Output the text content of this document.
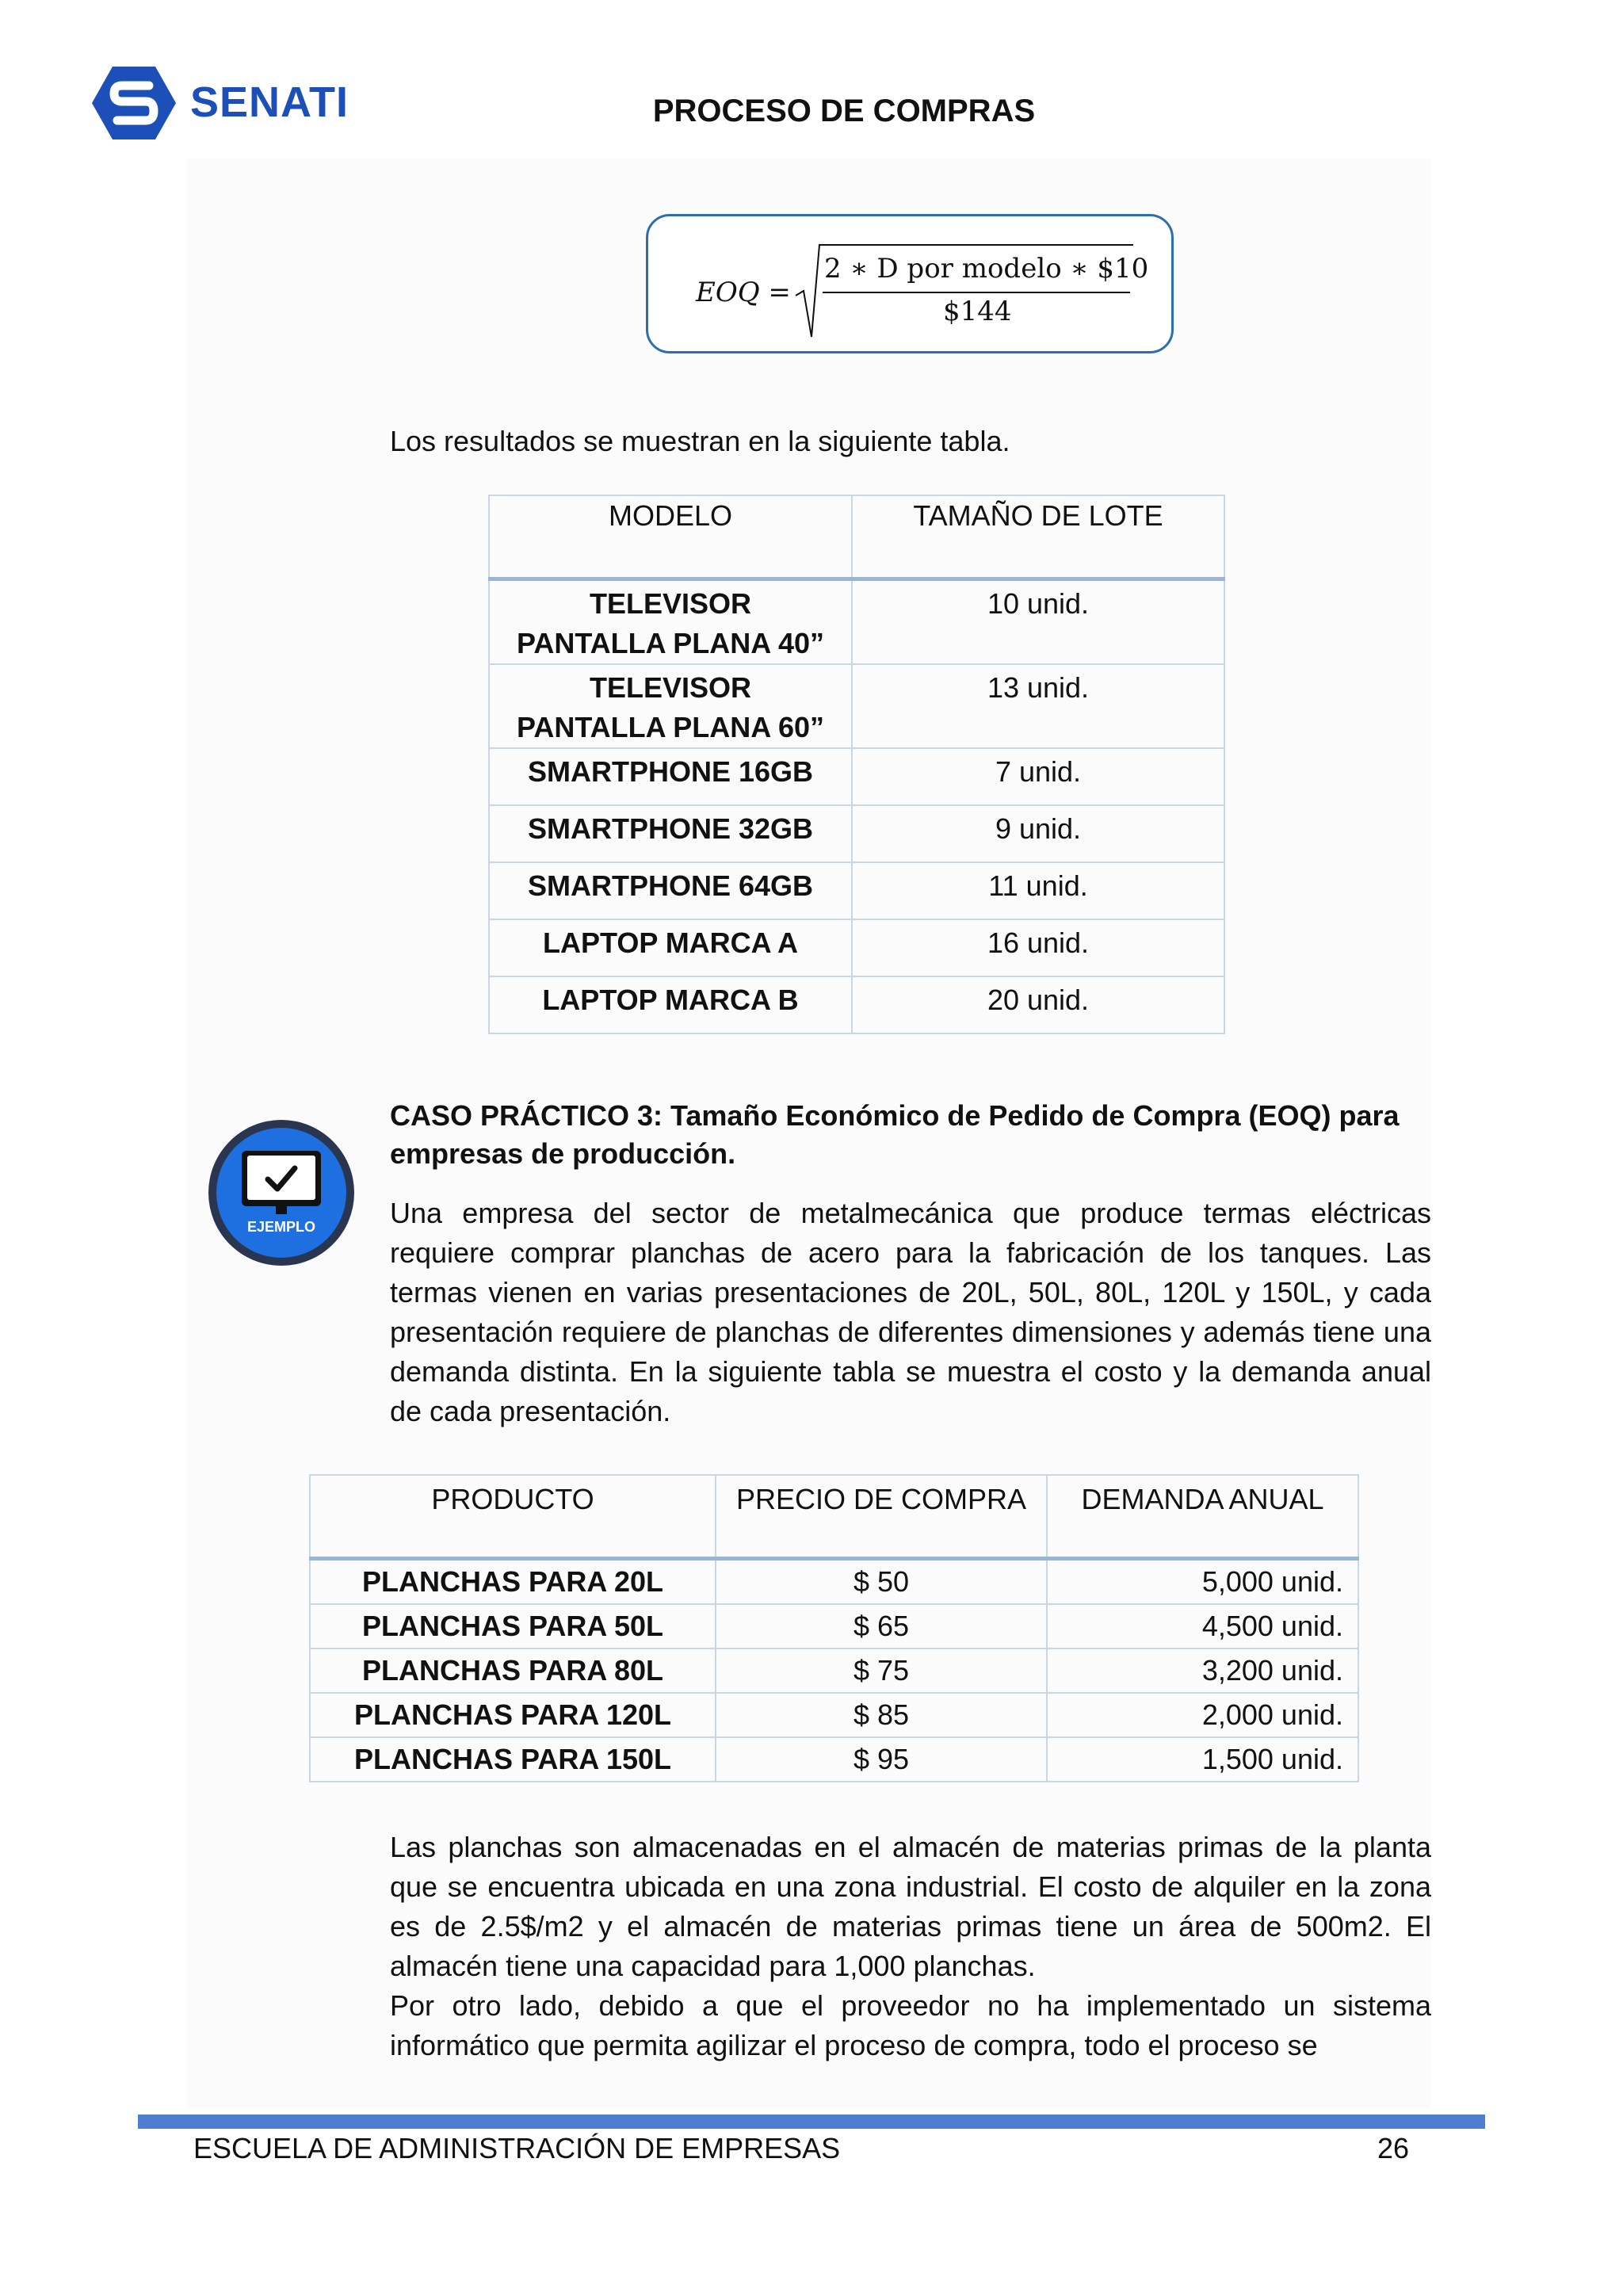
SENATI	PROCESO DE COMPRAS
EOQ =
2 ∗ D por modelo ∗ $10
$144
Los resultados se muestran en la siguiente tabla.
MODELO	TAMAÑO DE LOTE
TELEVISOR
PANTALLA PLANA 40”	10 unid.
TELEVISOR
PANTALLA PLANA 60”	13 unid.
SMARTPHONE 16GB	7 unid.
SMARTPHONE 32GB	9 unid.
SMARTPHONE 64GB	11 unid.
LAPTOP MARCA A	16 unid.
LAPTOP MARCA B	20 unid.
EJEMPLO
CASO PRÁCTICO 3: Tamaño Económico de Pedido de Compra (EOQ) para empresas de producción.
Una empresa del sector de metalmecánica que produce termas eléctricas requiere comprar planchas de acero para la fabricación de los tanques. Las termas vienen en varias presentaciones de 20L, 50L, 80L, 120L y 150L, y cada presentación requiere de planchas de diferentes dimensiones y además tiene una demanda distinta. En la siguiente tabla se muestra el costo y la demanda anual de cada presentación.
PRODUCTO	PRECIO DE COMPRA	DEMANDA ANUAL
PLANCHAS PARA 20L	$ 50	5,000 unid.
PLANCHAS PARA 50L	$ 65	4,500 unid.
PLANCHAS PARA 80L	$ 75	3,200 unid.
PLANCHAS PARA 120L	$ 85	2,000 unid.
PLANCHAS PARA 150L	$ 95	1,500 unid.
Las planchas son almacenadas en el almacén de materias primas de la planta que se encuentra ubicada en una zona industrial. El costo de alquiler en la zona es de 2.5$/m2 y el almacén de materias primas tiene un área de 500m2. El almacén tiene una capacidad para 1,000 planchas.
Por otro lado, debido a que el proveedor no ha implementado un sistema informático que permita agilizar el proceso de compra, todo el proceso se
ESCUELA DE ADMINISTRACIÓN DE EMPRESAS	26
